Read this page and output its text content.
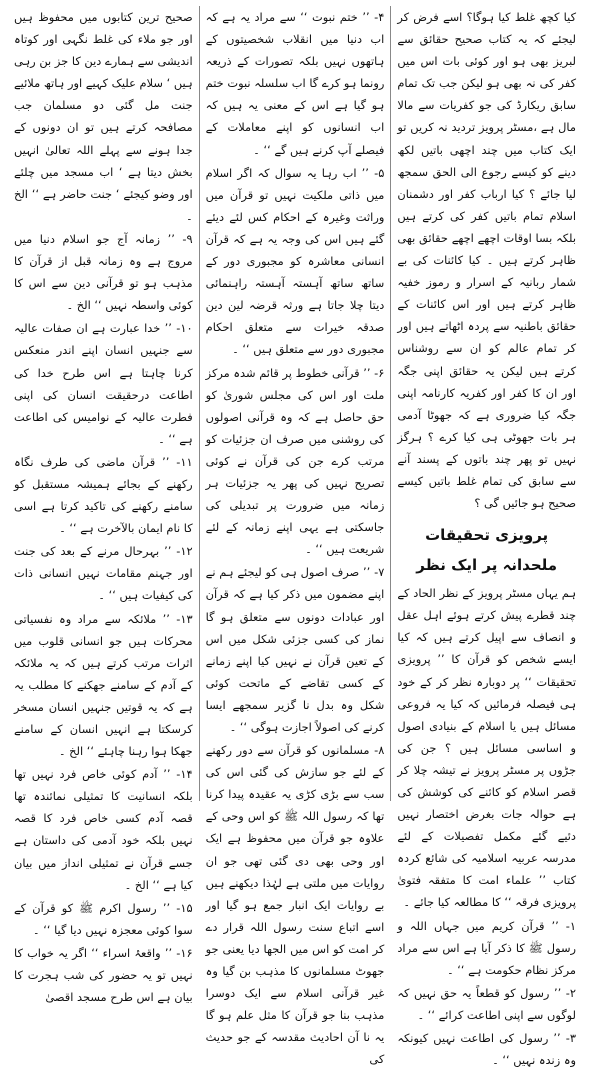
کیا کچھ غلط کیا ہوگا؟ اسے فرض کر لیجئے کہ یہ کتاب صحیح حقائق سے لبریز بھی ہو اور کوئی بات اس میں کفر کی نہ بھی ہو لیکن جب تک تمام سابق ریکارڈ کی جو کفریات سے مالا مال ہے ،مسٹر پرویز تردید نہ کریں تو ایک کتاب میں چند اچھی باتیں لکھ دینے کو کیسے رجوع الی الحق سمجھ لیا جائے ؟ کیا ارباب کفر اور دشمنان اسلام تمام باتیں کفر کی کرتے ہیں بلکہ بسا اوقات اچھے اچھے حقائق بھی ظاہر کرتے ہیں ۔ کیا کائنات کی بے شمار ربانیہ کے اسرار و رموز خفیہ ظاہر کرتے ہیں اور اس کائنات کے حقائق باطنیہ سے پردہ اٹھاتے ہیں اور کر تمام عالم کو ان سے روشناس کرتے ہیں لیکن یہ حقائق اپنی جگہ اور ان کا کفر اور کفریہ کارنامہ اپنی جگہ کیا ضروری ہے کہ جھوٹا آدمی ہر بات جھوٹی ہی کیا کرے ؟ ہرگز نہیں تو پھر چند باتوں کے پسند آنے سے سابق کی تمام غلط باتیں کیسے صحیح ہو جائیں گی ؟

پرویزی تحقیقات ملحدانہ پر ایک نظر

ہم یہاں مسٹر پرویز کے نظر الحاد کے چند قطرے پیش کرتے ہوئے اہل عقل و انصاف سے اپیل کرتے ہیں کہ کیا ایسے شخص کو قرآن کا ’’ پرویزی تحقیقات ‘‘ پر دوبارہ نظر کر کے خود ہی فیصلہ فرمائیں کہ کیا یہ فروعی مسائل ہیں یا اسلام کے بنیادی اصول و اساسی مسائل ہیں ؟ جن کی جڑوں پر مسٹر پرویز نے تیشہ چلا کر قصر اسلام کو کائنے کی کوشش کی ہے حوالہ جات بغرض اختصار نہیں دئیے گئے مکمل تفصیلات کے لئے مدرسہ عربیہ اسلامیہ کی شائع کردہ کتاب ’’ علماء امت کا متفقہ فتویٰ پرویزی فرقہ ‘‘ کا مطالعہ کیا جائے ۔

۱- ’’ قرآن کریم میں جہاں اللہ و رسول ﷺ کا ذکر آیا ہے اس سے مراد مرکز نظام حکومت ہے ‘‘ ۔

۲- ’’ رسول کو قطعاً یہ حق نہیں کہ لوگوں سے اپنی اطاعت کرائے ‘‘ ۔

۳- ’’ رسول کی اطاعت نہیں کیونکہ وہ زندہ نہیں ‘‘ ۔

۴- ’’ ختم نبوت ‘‘ سے مراد یہ ہے کہ اب دنیا میں انقلاب شخصیتوں کے ہاتھوں نہیں بلکہ تصورات کے ذریعہ رونما ہو کرے گا اب سلسلہ نبوت ختم ہو گیا ہے اس کے معنی یہ ہیں کہ اب انسانوں کو اپنے معاملات کے فیصلے آپ کرنے ہیں گے ‘‘ ۔

۵- ’’ اب رہا یہ سوال کہ اگر اسلام میں ذاتی ملکیت نہیں تو قرآن میں وراثت وغیرہ کے احکام کس لئے دیئے گئے ہیں اس کی وجہ یہ ہے کہ قرآن انسانی معاشرہ کو مجبوری دور کے ساتھ ساتھ آہستہ آہستہ راہنمائی دیتا چلا جاتا ہے ورثہ قرضہ لین دین صدقہ خیرات سے متعلق احکام مجبوری دور سے متعلق ہیں ‘‘ ۔

۶- ’’ قرآنی خطوط پر قائم شدہ مرکز ملت اور اس کی مجلس شوریٰ کو حق حاصل ہے کہ وہ قرآنی اصولوں کی روشنی میں صرف ان جزئیات کو مرتب کرے جن کی قرآن نے کوئی تصریح نہیں کی پھر یہ جزئیات ہر زمانہ میں ضرورت پر تبدیلی کی جاسکتی ہے یہی اپنے زمانہ کے لئے شریعت ہیں ‘‘ ۔

۷- ’’ صرف اصول ہی کو لیجئے ہم نے اپنے مضمون میں ذکر کیا ہے کہ قرآن اور عبادات دونوں سے متعلق ہو گا نماز کی کسی جزئی شکل میں اس کے تعین قرآن نے نہیں کیا اپنے زمانے کے کسی تقاضے کے ماتحت کوئی شکل وہ بدل نا گزیر سمجھے ایسا کرنے کی اصولاً اجازت ہوگی ‘‘ ۔

۸- مسلمانوں کو قرآن سے دور رکھنے کے لئے جو سازش کی گئی اس کی سب سے بڑی کڑی یہ عقیدہ پیدا کرنا تھا کہ رسول اللہ ﷺ کو اس وحی کے علاوہ جو قرآن میں محفوظ ہے ایک اور وحی بھی دی گئی تھی جو ان روایات میں ملتی ہے لہٰذا دیکھنے ہیں بے روایات ایک انبار جمع ہو گیا اور اسے اتباع سنت رسول اللہ قرار دے کر امت کو اس میں الجھا دیا یعنی جو جھوٹ مسلمانوں کا مذہب بن گیا وہ غیر قرآنی اسلام سے ایک دوسرا مذہب بنا جو قرآن کا مثل علم ہو گا یہ نا آن احادیث مقدسہ کے جو حدیث کی

صحیح ترین کتابوں میں محفوظ ہیں اور جو ملاء کی غلط نگہی اور کوتاہ اندیشی سے ہمارے دین کا جز بن رہی ہیں ‘ سلام علیک کہیے اور ہاتھ ملائیے جنت مل گئی دو مسلمان جب مصافحہ کرتے ہیں تو ان دونوں کے جدا ہونے سے پہلے اللہ تعالیٰ انہیں بخش دیتا ہے ‘ اب مسجد میں چلئے اور وضو کیجئے ‘ جنت حاضر ہے ‘‘ الخ ۔

۹- ’’ زمانہ آج جو اسلام دنیا میں مروج ہے وہ زمانہ قبل از قرآن کا مذہب ہو تو قرآنی دین سے اس کا کوئی واسطہ نہیں ‘‘ الخ ۔

۱۰- ’’ خدا عبارت ہے ان صفات عالیہ سے جنہیں انسان اپنے اندر منعکس کرنا چاہتا ہے اس طرح خدا کی اطاعت درحقیقت انسان کی اپنی فطرت عالیہ کے نوامیس کی اطاعت ہے ‘‘ ۔

۱۱- ’’ قرآن ماضی کی طرف نگاہ رکھنے کے بجائے ہمیشہ مستقبل کو سامنے رکھنے کی تاکید کرتا ہے اسی کا نام ایمان بالآخرت ہے ‘‘ ۔

۱۲- ’’ بہرحال مرنے کے بعد کی جنت اور جہنم مقامات نہیں انسانی ذات کی کیفیات ہیں ‘‘ ۔

۱۳- ’’ ملائکہ سے مراد وہ نفسیاتی محرکات ہیں جو انسانی قلوب میں اثرات مرتب کرتے ہیں کہ یہ ملائکہ کے آدم کے سامنے جھکنے کا مطلب یہ ہے کہ یہ قوتیں جنہیں انسان مسخر کرسکتا ہے انہیں انسان کے سامنے جھکا ہوا رہنا چاہئے ‘‘ الخ ۔

۱۴- ’’ آدم کوئی خاص فرد نہیں تھا بلکہ انسانیت کا تمثیلی نمائندہ تھا قصہ آدم کسی خاص فرد کا قصہ نہیں بلکہ خود آدمی کی داستان ہے جسے قرآن نے تمثیلی انداز میں بیان کیا ہے ‘‘ الخ ۔

۱۵- ’’ رسول اکرم ﷺ کو قرآن کے سوا کوئی معجزہ نہیں دیا گیا ‘‘ ۔

۱۶- ’’ واقعۂ اسراء ‘‘ اگر یہ خواب کا نہیں تو یہ حضور کی شب ہجرت کا بیان ہے اس طرح مسجد اقصیٰ
